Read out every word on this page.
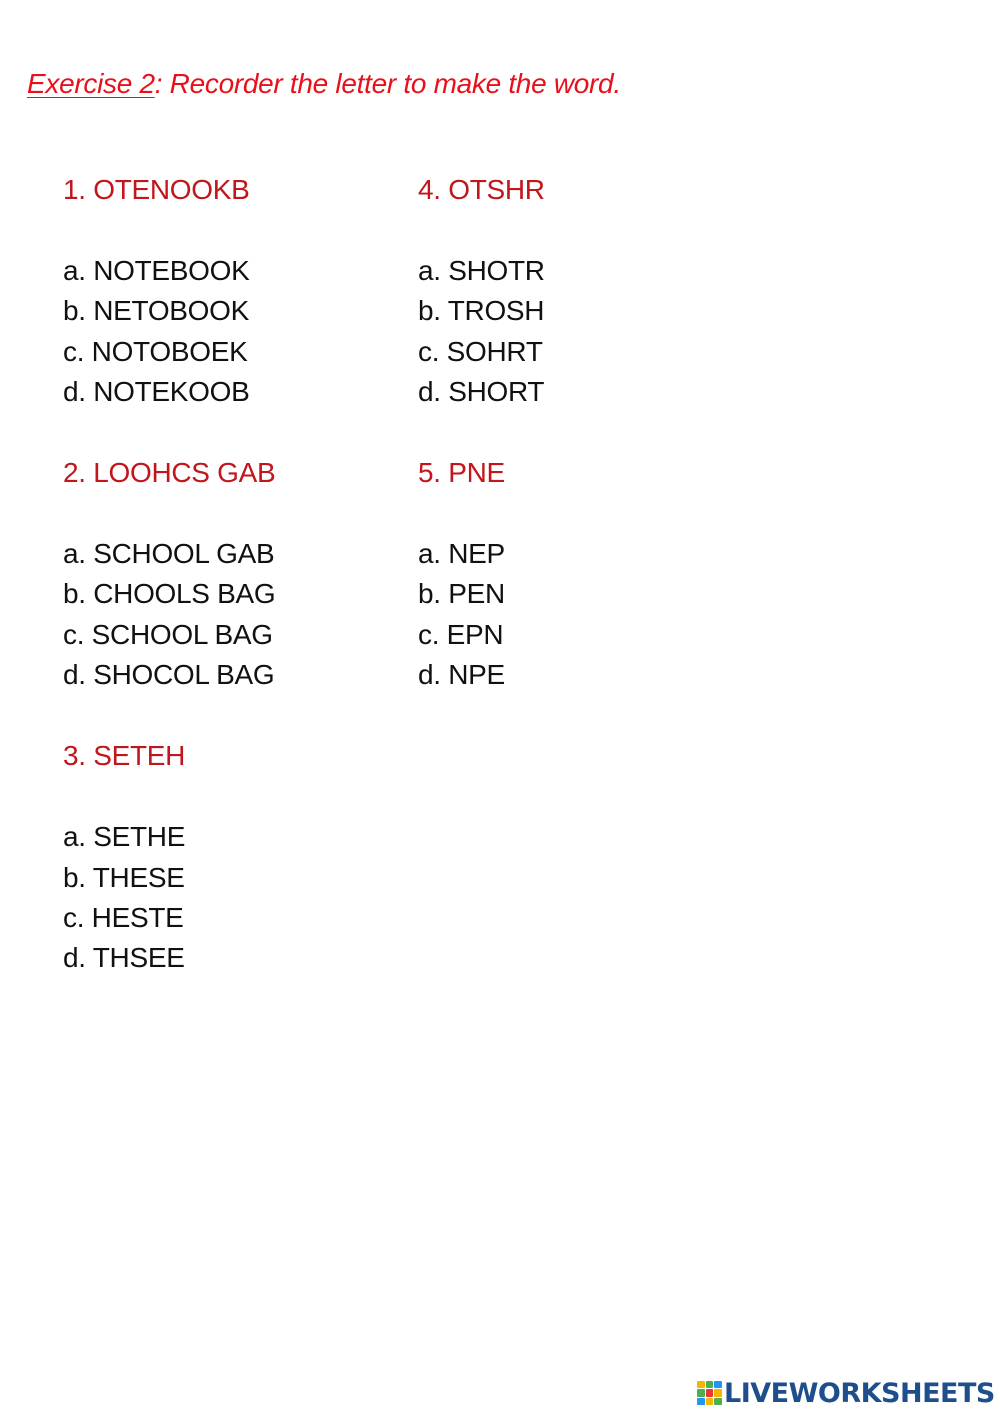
Exercise 2: Recorder the letter to make the word.
1. OTENOOKB
a. NOTEBOOK
b. NETOBOOK
c. NOTOBOEK
d. NOTEKOOB
2. LOOHCS GAB
a. SCHOOL GAB
b. CHOOLS BAG
c. SCHOOL BAG
d. SHOCOL BAG
3. SETEH
a. SETHE
b. THESE
c. HESTE
d. THSEE
4. OTSHR
a. SHOTR
b. TROSH
c. SOHRT
d. SHORT
5. PNE
a. NEP
b. PEN
c. EPN
d. NPE
LIVEWORKSHEETS
